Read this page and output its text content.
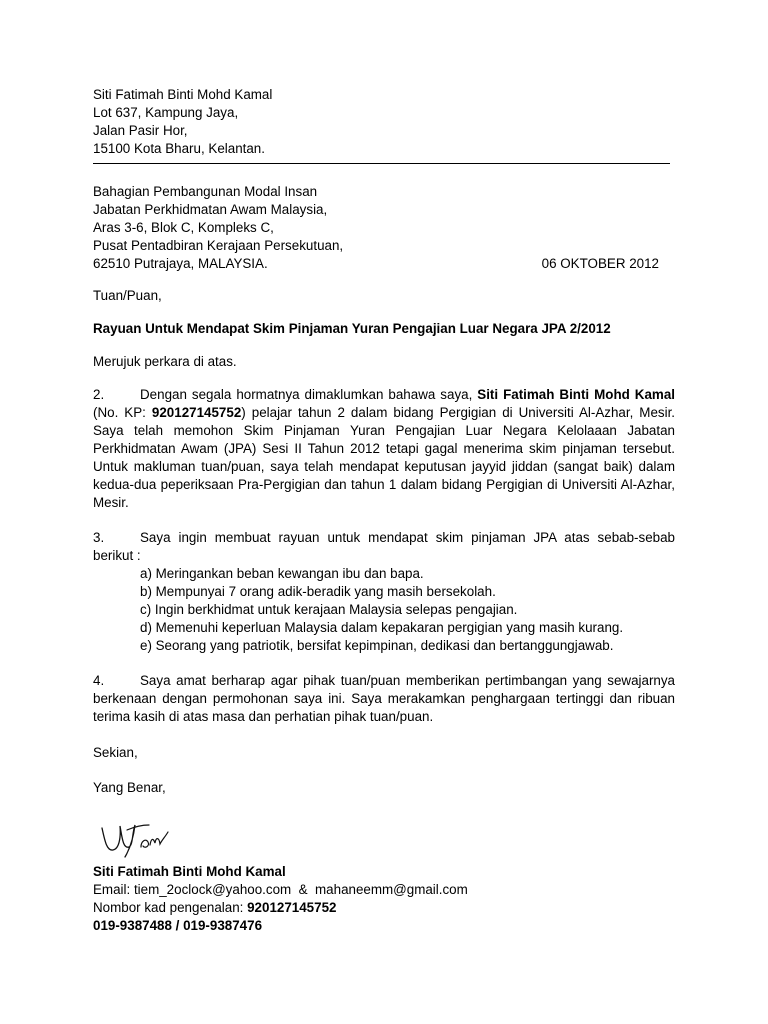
Siti Fatimah Binti Mohd Kamal
Lot 637, Kampung Jaya,
Jalan Pasir Hor,
15100 Kota Bharu, Kelantan.
Bahagian Pembangunan Modal Insan
Jabatan Perkhidmatan Awam Malaysia,
Aras 3-6, Blok C, Kompleks C,
Pusat Pentadbiran Kerajaan Persekutuan,
62510 Putrajaya, MALAYSIA.	06 OKTOBER 2012
Tuan/Puan,
Rayuan Untuk Mendapat Skim Pinjaman Yuran Pengajian Luar Negara JPA 2/2012
Merujuk perkara di atas.
2.	Dengan segala hormatnya dimaklumkan bahawa saya, Siti Fatimah Binti Mohd Kamal (No. KP: 920127145752) pelajar tahun 2 dalam bidang Pergigian di Universiti Al-Azhar, Mesir. Saya telah memohon Skim Pinjaman Yuran Pengajian Luar Negara Kelolaaan Jabatan Perkhidmatan Awam (JPA) Sesi II Tahun 2012 tetapi gagal menerima skim pinjaman tersebut. Untuk makluman tuan/puan, saya telah mendapat keputusan jayyid jiddan (sangat baik) dalam kedua-dua peperiksaan Pra-Pergigian dan tahun 1 dalam bidang Pergigian di Universiti Al-Azhar, Mesir.
3.	Saya ingin membuat rayuan untuk mendapat skim pinjaman JPA atas sebab-sebab berikut :
a) Meringankan beban kewangan ibu dan bapa.
b) Mempunyai 7 orang adik-beradik yang masih bersekolah.
c) Ingin berkhidmat untuk kerajaan Malaysia selepas pengajian.
d) Memenuhi keperluan Malaysia dalam kepakaran pergigian yang masih kurang.
e) Seorang yang patriotik, bersifat kepimpinan, dedikasi dan bertanggungjawab.
4.	Saya amat berharap agar pihak tuan/puan memberikan pertimbangan yang sewajarnya berkenaan dengan permohonan saya ini. Saya merakamkan penghargaan tertinggi dan ribuan terima kasih di atas masa dan perhatian pihak tuan/puan.
Sekian,
Yang Benar,
Siti Fatimah Binti Mohd Kamal
Email: tiem_2oclock@yahoo.com  &  mahaneemm@gmail.com
Nombor kad pengenalan: 920127145752
019-9387488 / 019-9387476
